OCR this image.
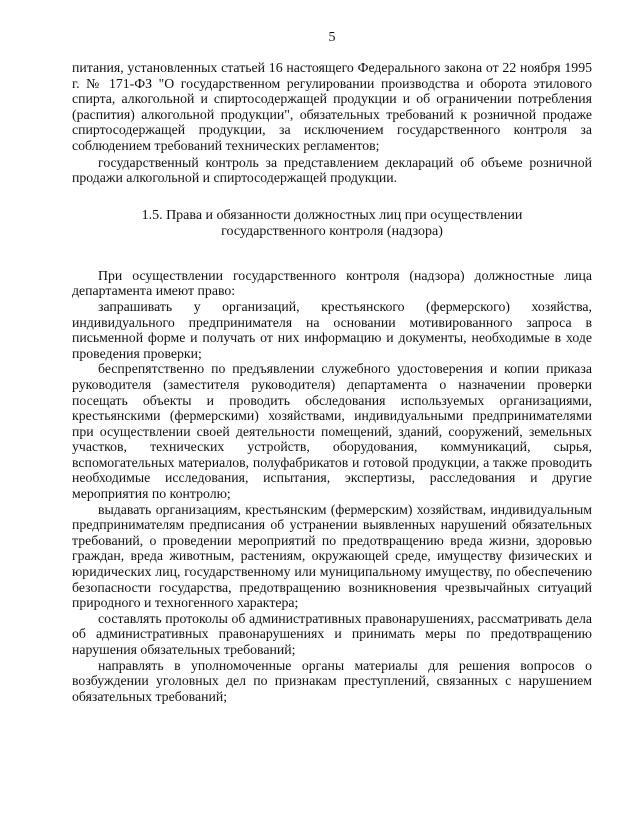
5

питания, установленных статьей 16 настоящего Федерального закона от 22 ноября 1995 г. № 171-ФЗ "О государственном регулировании производства и оборота этилового спирта, алкогольной и спиртосодержащей продукции и об ограничении потребления (распития) алкогольной продукции", обязательных требований к розничной продаже спиртосодержащей продукции, за исключением государственного контроля за соблюдением требований технических регламентов;

государственный контроль за представлением деклараций об объеме розничной продажи алкогольной и спиртосодержащей продукции.

1.5. Права и обязанности должностных лиц при осуществлении
государственного контроля (надзора)

При осуществлении государственного контроля (надзора) должностные лица департамента имеют право:

запрашивать у организаций, крестьянского (фермерского) хозяйства, индивидуального предпринимателя на основании мотивированного запроса в письменной форме и получать от них информацию и документы, необходимые в ходе проведения проверки;

беспрепятственно по предъявлении служебного удостоверения и копии приказа руководителя (заместителя руководителя) департамента о назначении проверки посещать объекты и проводить обследования используемых организациями, крестьянскими (фермерскими) хозяйствами, индивидуальными предпринимателями при осуществлении своей деятельности помещений, зданий, сооружений, земельных участков, технических устройств, оборудования, коммуникаций, сырья, вспомогательных материалов, полуфабрикатов и готовой продукции, а также проводить необходимые исследования, испытания, экспертизы, расследования и другие мероприятия по контролю;

выдавать организациям, крестьянским (фермерским) хозяйствам, индивидуальным предпринимателям предписания об устранении выявленных нарушений обязательных требований, о проведении мероприятий по предотвращению вреда жизни, здоровью граждан, вреда животным, растениям, окружающей среде, имуществу физических и юридических лиц, государственному или муниципальному имуществу, по обеспечению безопасности государства, предотвращению возникновения чрезвычайных ситуаций природного и техногенного характера;

составлять протоколы об административных правонарушениях, рассматривать дела об административных правонарушениях и принимать меры по предотвращению нарушения обязательных требований;

направлять в уполномоченные органы материалы для решения вопросов о возбуждении уголовных дел по признакам преступлений, связанных с нарушением обязательных требований;
